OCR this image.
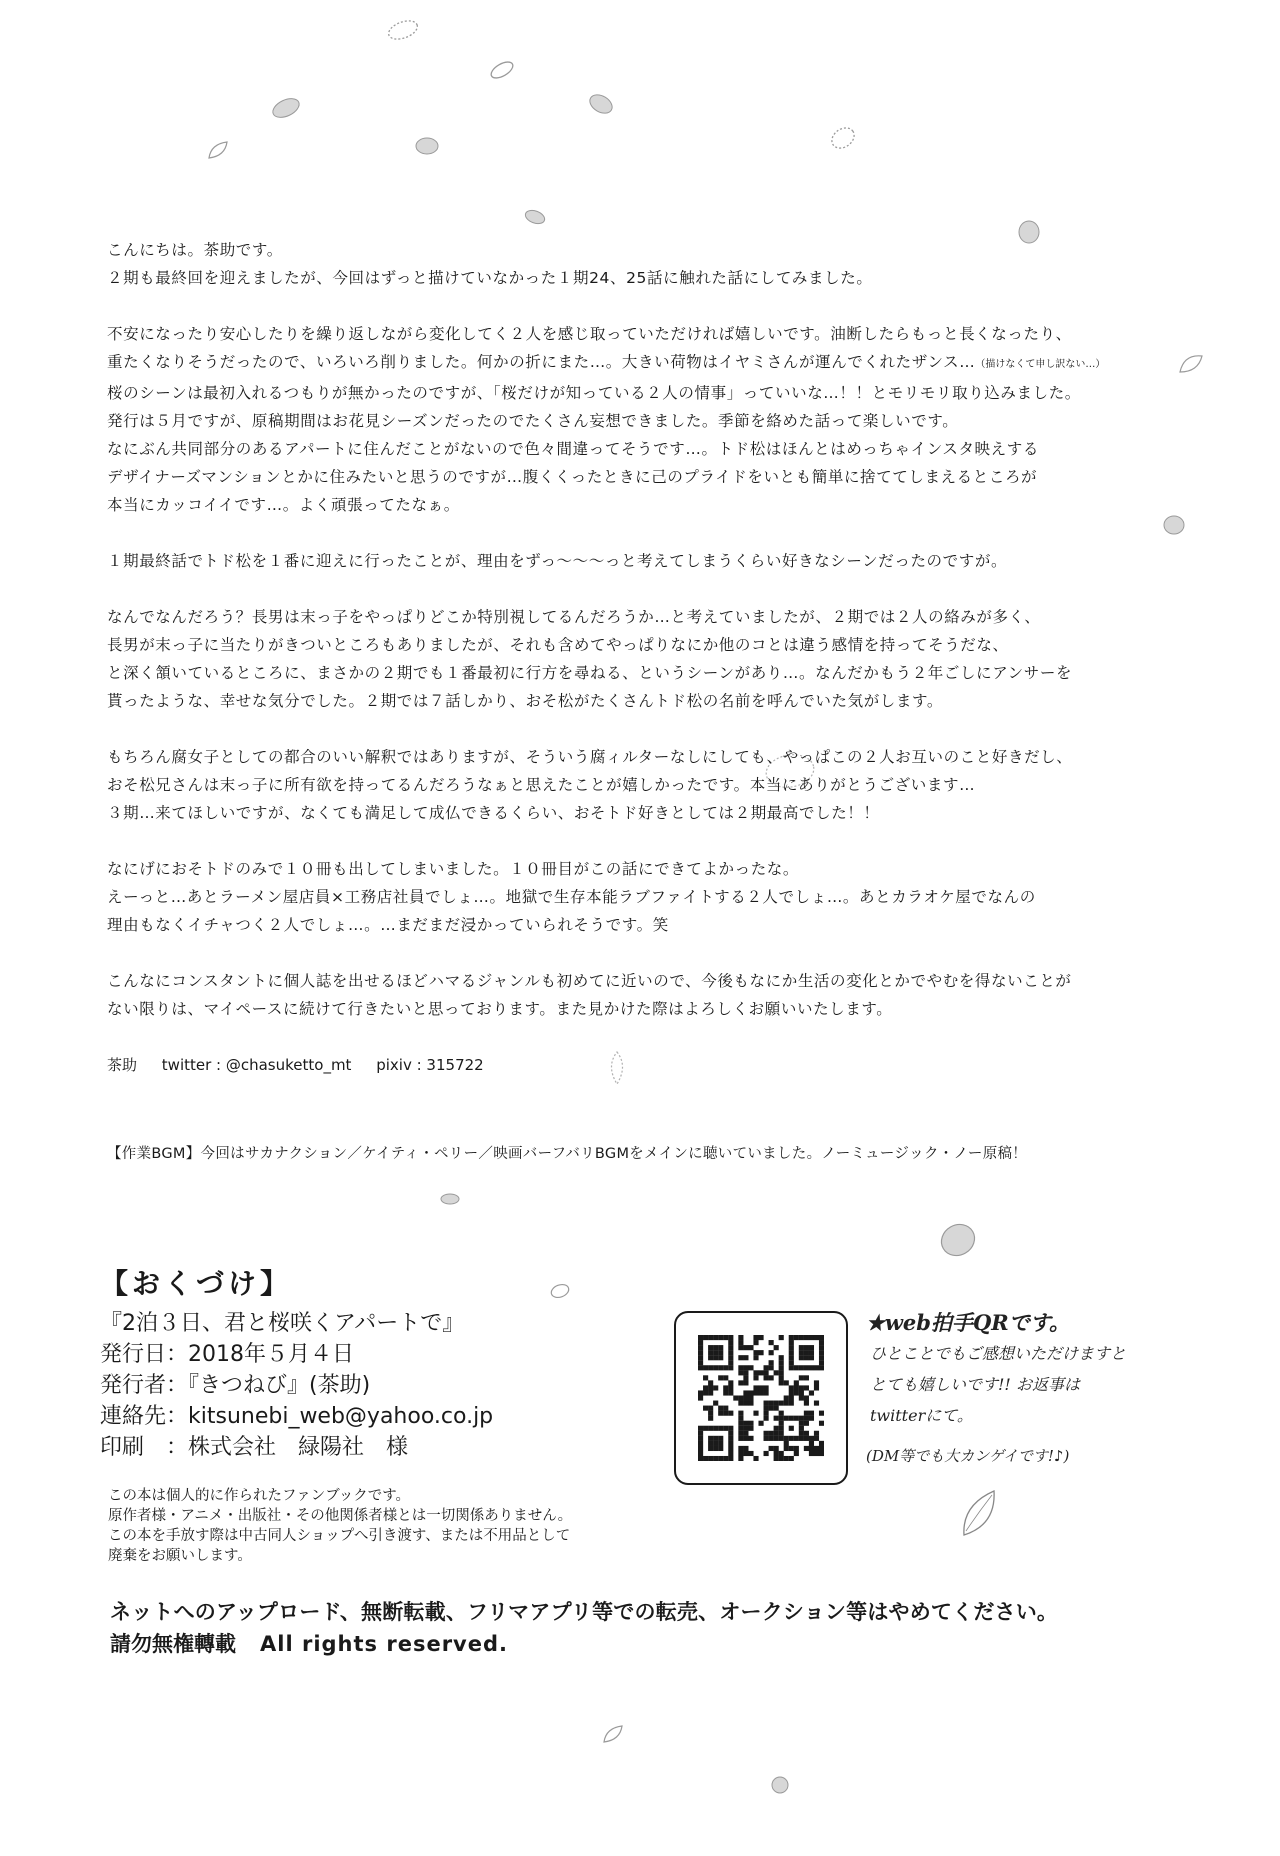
こんにちは。茶助です。
２期も最終回を迎えましたが、今回はずっと描けていなかった１期24、25話に触れた話にしてみました。
不安になったり安心したりを繰り返しながら変化してく２人を感じ取っていただければ嬉しいです。油断したらもっと長くなったり、
重たくなりそうだったので、いろいろ削りました。何かの折にまた…。大きい荷物はイヤミさんが運んでくれたザンス…（描けなくて申し訳ない…）
桜のシーンは最初入れるつもりが無かったのですが、「桜だけが知っている２人の情事」っていいな…！！とモリモリ取り込みました。
発行は５月ですが、原稿期間はお花見シーズンだったのでたくさん妄想できました。季節を絡めた話って楽しいです。
なにぶん共同部分のあるアパートに住んだことがないので色々間違ってそうです…。トド松はほんとはめっちゃインスタ映えする
デザイナーズマンションとかに住みたいと思うのですが…腹くくったときに己のプライドをいとも簡単に捨ててしまえるところが
本当にカッコイイです…。よく頑張ってたなぁ。
１期最終話でトド松を１番に迎えに行ったことが、理由をずっ～～～っと考えてしまうくらい好きなシーンだったのですが。
なんでなんだろう？長男は末っ子をやっぱりどこか特別視してるんだろうか…と考えていましたが、２期では２人の絡みが多く、
長男が末っ子に当たりがきついところもありましたが、それも含めてやっぱりなにか他のコとは違う感情を持ってそうだな、
と深く頷いているところに、まさかの２期でも１番最初に行方を尋ねる、というシーンがあり…。なんだかもう２年ごしにアンサーを
貰ったような、幸せな気分でした。２期では７話しかり、おそ松がたくさんトド松の名前を呼んでいた気がします。
もちろん腐女子としての都合のいい解釈ではありますが、そういう腐ィルターなしにしても、やっぱこの２人お互いのこと好きだし、
おそ松兄さんは末っ子に所有欲を持ってるんだろうなぁと思えたことが嬉しかったです。本当にありがとうございます…
３期…来てほしいですが、なくても満足して成仏できるくらい、おそトド好きとしては２期最高でした！！
なにげにおそトドのみで１０冊も出してしまいました。１０冊目がこの話にできてよかったな。
えーっと…あとラーメン屋店員×工務店社員でしょ…。地獄で生存本能ラブファイトする２人でしょ…。あとカラオケ屋でなんの
理由もなくイチャつく２人でしょ…。…まだまだ浸かっていられそうです。笑
こんなにコンスタントに個人誌を出せるほどハマるジャンルも初めてに近いので、今後もなにか生活の変化とかでやむを得ないことが
ない限りは、マイペースに続けて行きたいと思っております。また見かけた際はよろしくお願いいたします。
茶助 twitter : @chasuketto_mt pixiv : 315722
【作業BGM】今回はサカナクション／ケイティ・ペリー／映画バーフバリBGMをメインに聴いていました。ノーミュージック・ノー原稿！
【おくづけ】
『2泊３日、君と桜咲くアパートで』
発行日：2018年５月４日
発行者：『きつねび』(茶助)
連絡先：kitsunebi_web@yahoo.co.jp
印刷　：株式会社　緑陽社　様
この本は個人的に作られたファンブックです。
原作者様・アニメ・出版社・その他関係者様とは一切関係ありません。
この本を手放す際は中古同人ショップへ引き渡す、または不用品として
廃棄をお願いします。
ネットへのアップロード、無断転載、フリマアプリ等での転売、オークション等はやめてください。
請勿無権轉載 All rights reserved.
★web拍手QRです。
ひとことでもご感想いただけますと
とても嬉しいです!! お返事は
twitterにて。
(DM等でも大カンゲイです!♪)
